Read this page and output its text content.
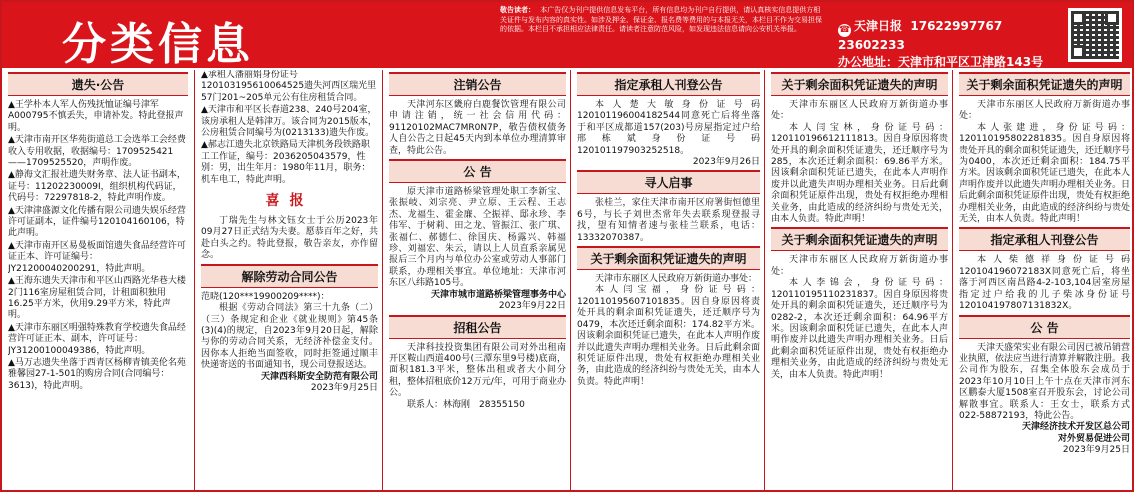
分类信息
敬告读者： 本广告仅为刊户提供信息发布平台，所有信息均为刊户自行提供，请认真核实信息提供方相关证件与发布内容的真实性。如涉及押金、保证金、报名费等费用的与本报无关，本栏目不作为交易担保的依据。本栏目不承担相应法律责任。请读者注意防范风险，如发现违法信息请向公安机关举报。	☎ 天津日报 17622997767 23602233
办公地址：天津市和平区卫津路143号
遗失·公告

▲王学朴本人军人伤残抚恤证编号津军A000795不慎丢失，申请补发。特此登报声明。

▲天津市南开区华苑街道总工会选举工会经费收入专用收据，收据编号：1709525421——1709525520，声明作废。

▲静海文汇报社遗失财务章、法人证书副本，证号：11202230009I，组织机构代码证，代码号：72297818-2，特此声明作废。

▲天津津盛源文化传播有限公司遗失娱乐经营许可证副本，证件编号120104160106，特此声明。

▲天津市南开区易曼板面馆遗失食品经营许可证正本、许可证编号：JY21200040200291，特此声明。

▲王海东遗失天津市和平区山西路光华巷大楼2门116室房屋租赁合同，计租面积独用16.25平方米，伙用9.29平方米，特此声明。

▲天津市东丽区明强特殊教育学校遗失食品经营许可证正本、副本，许可证号：JY31200100049386，特此声明。

▲马万志遗失坐落于西青区杨柳青镇美伦名苑雅馨园27-1-501的购房合同(合同编号：3613)，特此声明。

▲承租人潘丽娟身份证号120103195610064525遗失河西区瑞光里57门201~205单元公有住房租赁合同。

▲天津市和平区长春道238、240号204室，该房承租人是韩津万。该合同为2015版本，公房租赁合同编号为(0213133)遗失作废。

▲郝志江遗失北京铁路局天津机务段铁路职工工作证，编号：2036205043579，性别：男，出生年月：1980年11月，职务：机车电工，特此声明。

喜报

丁瑞先生与林文钰女士于公历2023年09月27日正式结为夫妻。愿恭百年之好，共赴白头之约。特此登报，敬告亲友，亦作留念。

解除劳动合同公告

范晓(120***19900209****)：

根据《劳动合同法》第三十九条（二）（三）条规定和企业《就业规则》第45条(3)(4)的规定，自2023年9月20日起，解除与你的劳动合同关系，无经济补偿金支付。因你本人拒绝当面签收，同时拒签通过顺丰快递寄送的书面通知书，现公司登报送达。

天津西科斯安全防范有限公司

2023年9月25日

注销公告

天津河东区畿府白鹿餐饮管理有限公司申请注销，统一社会信用代码：91120102MAC7MR0N7P，敬告债权债务人自公告之日起45天内到本单位办理清算审查，特此公告。

公 告

原天津市道路桥梁管理处职工李新宝、张振岐、刘宗亮、尹立原、王云程、王志杰、龙福生、霍金廉、仝振祥、邸永珍、李伟军、于树莉、田之龙、管振江、张广琪、张福仁、郝德仁、徐国庆、杨露兴、韩福珍、刘福宏、朱云，请以上人员直系亲属见报后三个月内与单位办公室或劳动人事部门联系，办理相关事宜。单位地址：天津市河东区八纬路105号。

天津市城市道路桥梁管理事务中心

2023年9月22日

招租公告

天津科技投资集团有限公司对外出租南开区鞍山西道400号(三潭东里9号楼)底商，面积181.3平米，整体出租或者大小间分租，整体招租底价12万元/年，可用于商业办公。

联系人：林海刚　28355150

指定承租人刊登公告

本人楚大敏身份证号码120101196004182544同意死亡后将坐落于和平区成都道157(203)号房屋指定过户给邢栋斌身份证号码120101197903252518。

2023年9月26日

寻人启事

张桂兰，家住天津市南开区府署街恒德里6号，与长子刘世杰常年失去联系现登报寻找，望有知情者速与张桂兰联系，电话：13332070387。

关于剩余面积凭证遗失的声明

天津市东丽区人民政府万新街道办事处：

本人闫宝福，身份证号码：120110195607101835。因自身原因将责处开具的剩余面积凭证遗失，还迁顺序号为0479，本次还迁剩余面积：174.82平方米。因该剩余面积凭证已遗失，在此本人声明作废并以此遗失声明办理相关业务。日后此剩余面积凭证原件出现，贵处有权拒绝办理相关业务，由此造成的经济纠纷与贵处无关，由本人负责。特此声明！

关于剩余面积凭证遗失的声明

天津市东丽区人民政府万新街道办事处：

本人闫宝林，身份证号码：120110196612111813。因自身原因将贵处开具的剩余面积凭证遗失，还迁顺序号为285，本次还迁剩余面积：69.86平方米。因该剩余面积凭证已遗失，在此本人声明作废并以此遗失声明办理相关业务。日后此剩余面积凭证原件出现，贵处有权拒绝办理相关业务，由此造成的经济纠纷与贵处无关，由本人负责。特此声明！

关于剩余面积凭证遗失的声明

天津市东丽区人民政府万新街道办事处：

本人李锦会，身份证号码：120110195110231837。因自身原因将贵处开具的剩余面积凭证遗失，还迁顺序号为0282-2，本次还迁剩余面积：64.96平方米。因该剩余面积凭证已遗失，在此本人声明作废并以此遗失声明办理相关业务。日后此剩余面积凭证原件出现，贵处有权拒绝办理相关业务，由此造成的经济纠纷与贵处无关，由本人负责。特此声明！

关于剩余面积凭证遗失的声明

天津市东丽区人民政府万新街道办事处：

本人张建进，身份证号码：120110195802281835。因自身原因将贵处开具的剩余面积凭证遗失，还迁顺序号为0400，本次还迁剩余面积：184.75平方米。因该剩余面积凭证已遗失，在此本人声明作废并以此遗失声明办理相关业务。日后此剩余面积凭证原件出现，贵处有权拒绝办理相关业务，由此造成的经济纠纷与贵处无关，由本人负责。特此声明！

指定承租人刊登公告

本人柴德祥身份证号码120104196072183X同意死亡后，将坐落于河西区南昌路4-2-103,104居室房屋指定过户给我的儿子柴冰身份证号120104197807131832X。

公 告

天津天盛荣实业有限公司因已被吊销营业执照，依法应当进行清算并解散注册。我公司作为股东，召集全体股东会成员于2023年10月10日上午十点在天津市河东区鹏泰大厦1508室召开股东会，讨论公司解散事宜。联系人：王女士，联系方式022-58872193，特此公告。

天津经济技术开发区总公司

对外贸易促进公司

2023年9月25日
